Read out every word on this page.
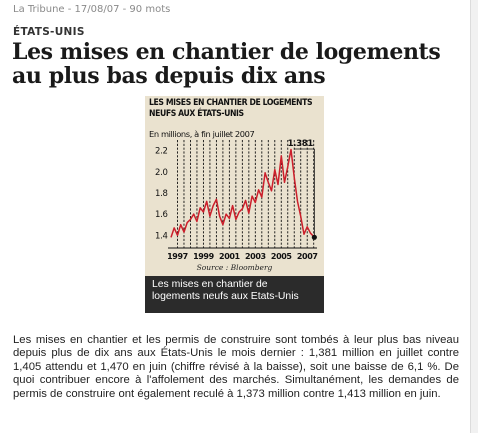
La Tribune - 17/08/07 - 90 mots
ÉTATS-UNIS
Les mises en chantier de logements au plus bas depuis dix ans
LES MISES EN CHANTIER DE LOGEMENTS NEUFS AUX ÉTATS-UNIS
En millions, à fin juillet 2007
1.4
1.6
1.8
2.0
2.2
1997 1999 2001 2003 2005 2007
1.381
Source : Bloomberg
Les mises en chantier de logements neufs aux Etats-Unis
Les mises en chantier et les permis de construire sont tombés à leur plus bas niveau depuis plus de dix ans aux États-Unis le mois dernier : 1,381 million en juillet contre 1,405 attendu et 1,470 en juin (chiffre révisé à la baisse), soit une baisse de 6,1 %. De quoi contribuer encore à l'affolement des marchés. Simultanément, les demandes de permis de construire ont également reculé à 1,373 million contre 1,413 million en juin.
